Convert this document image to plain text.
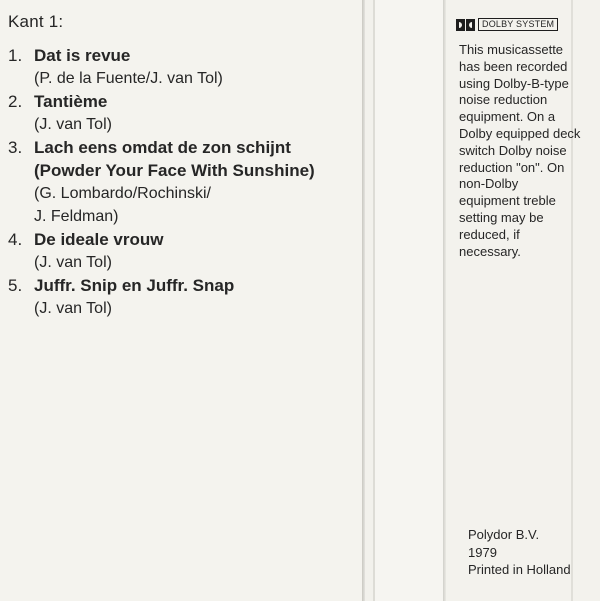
Kant 1:
1. Dat is revue
(P. de la Fuente/J. van Tol)
2. Tantième
(J. van Tol)
3. Lach eens omdat de zon schijnt
(Powder Your Face With Sunshine)
(G. Lombardo/Rochinski/
J. Feldman)
4. De ideale vrouw
(J. van Tol)
5. Juffr. Snip en Juffr. Snap
(J. van Tol)
DOLBY SYSTEM
This musicassette
has been recorded
using Dolby-B-type
noise reduction
equipment. On a
Dolby equipped deck
switch Dolby noise
reduction "on". On
non-Dolby
equipment treble
setting may be
reduced, if
necessary.
Polydor B.V.
1979
Printed in Holland
